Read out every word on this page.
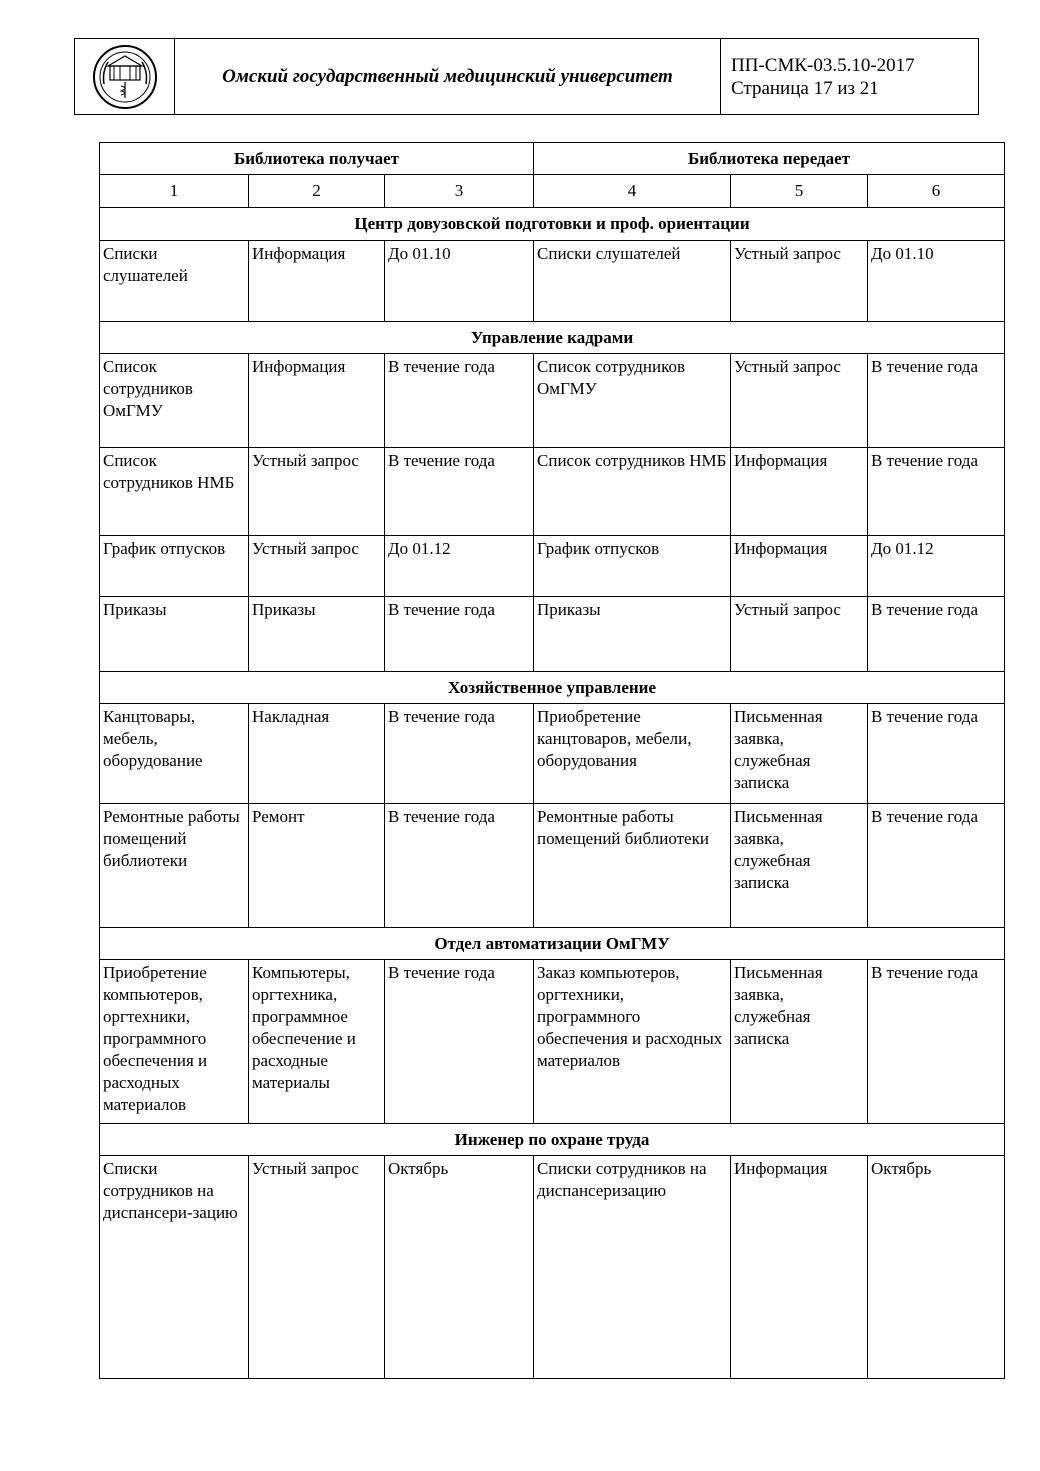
	Омский государственный медицинский университет	
ПП-СМК-03.5.10-2017
Страница 17 из 21
Библиотека получает			Библиотека передает		
1	2	3	4	5	6
Центр довузовской подготовки и проф. ориентации					
Списки слушателей	Информация	До 01.10	Списки слушателей	Устный запрос	До 01.10
Управление кадрами					
Список сотрудников ОмГМУ	Информация	В течение года	Список сотрудников ОмГМУ	Устный запрос	В течение года
Список сотрудников НМБ	Устный запрос	В течение года	Список сотрудников НМБ	Информация	В течение года
График отпусков	Устный запрос	До 01.12	График отпусков	Информация	До 01.12
Приказы	Приказы	В течение года	Приказы	Устный запрос	В течение года
Хозяйственное управление					
Канцтовары, мебель, оборудование	Накладная	В течение года	Приобретение канцтоваров, мебели, оборудования	Письменная заявка, служебная записка	В течение года
Ремонтные работы помещений библиотеки	Ремонт	В течение года	Ремонтные работы помещений библиотеки	Письменная заявка, служебная записка	В течение года
Отдел автоматизации ОмГМУ					
Приобретение компьютеров, оргтехники, программного обеспечения и расходных материалов	Компьютеры, оргтехника, программное обеспечение и расходные материалы	В течение года	Заказ компьютеров, оргтехники, программного обеспечения и расходных материалов	Письменная заявка, служебная записка	В течение года
Инженер по охране труда					
Списки сотрудников на диспансери-зацию	Устный запрос	Октябрь	Списки сотрудников на диспансеризацию	Информация	Октябрь
